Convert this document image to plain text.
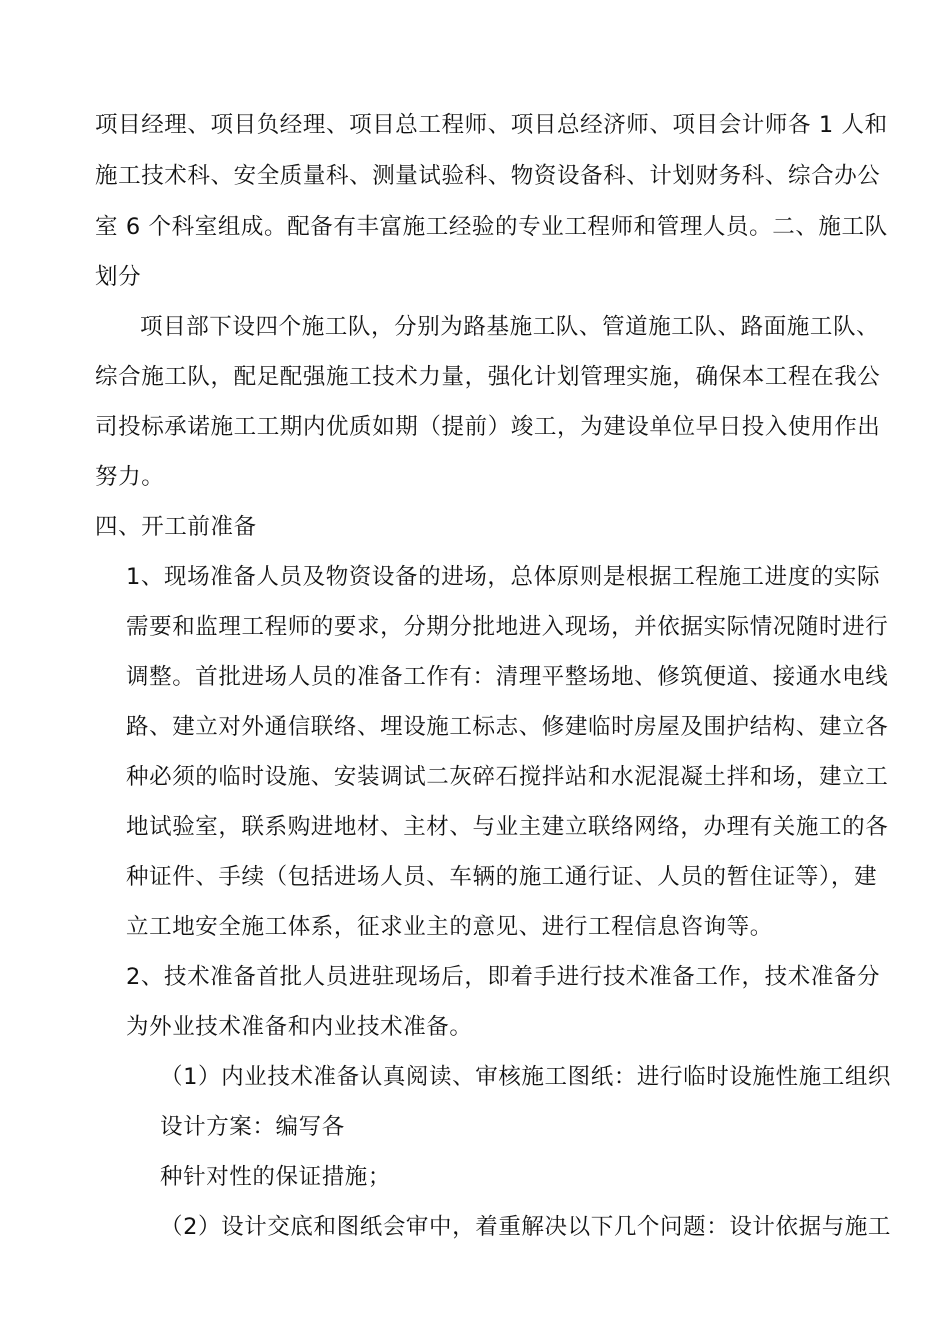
项目经理、项目负经理、项目总工程师、项目总经济师、项目会计师各 1 人和
施工技术科、安全质量科、测量试验科、物资设备科、计划财务科、综合办公
室 6 个科室组成。配备有丰富施工经验的专业工程师和管理人员。二、施工队
划分
项目部下设四个施工队，分别为路基施工队、管道施工队、路面施工队、
综合施工队，配足配强施工技术力量，强化计划管理实施，确保本工程在我公
司投标承诺施工工期内优质如期（提前）竣工，为建设单位早日投入使用作出
努力。
四、开工前准备
1、现场准备人员及物资设备的进场，总体原则是根据工程施工进度的实际
需要和监理工程师的要求，分期分批地进入现场，并依据实际情况随时进行
调整。首批进场人员的准备工作有：清理平整场地、修筑便道、接通水电线
路、建立对外通信联络、埋设施工标志、修建临时房屋及围护结构、建立各
种必须的临时设施、安装调试二灰碎石搅拌站和水泥混凝土拌和场，建立工
地试验室，联系购进地材、主材、与业主建立联络网络，办理有关施工的各
种证件、手续（包括进场人员、车辆的施工通行证、人员的暂住证等），建
立工地安全施工体系，征求业主的意见、进行工程信息咨询等。
2、技术准备首批人员进驻现场后，即着手进行技术准备工作，技术准备分
为外业技术准备和内业技术准备。
（1）内业技术准备认真阅读、审核施工图纸：进行临时设施性施工组织
设计方案：编写各
种针对性的保证措施；
（2）设计交底和图纸会审中，着重解决以下几个问题：设计依据与施工
